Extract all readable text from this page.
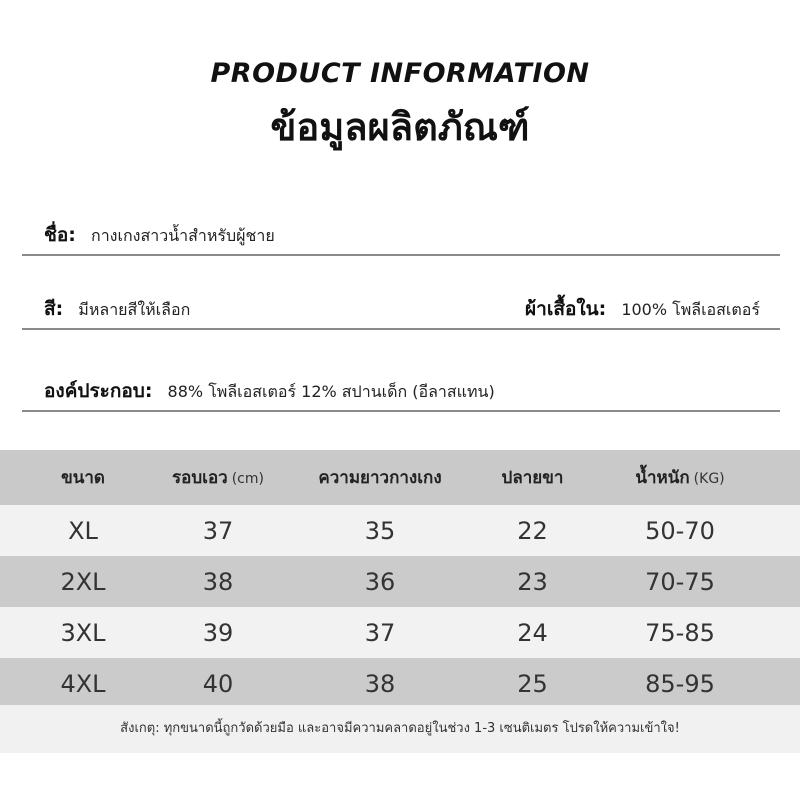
PRODUCT INFORMATION
ข้อมูลผลิตภัณฑ์
ชื่อ: กางเกงสาวน้ำสำหรับผู้ชาย
สี: มีหลายสีให้เลือก	ผ้าเสื้อใน: 100% โพลีเอสเตอร์
องค์ประกอบ: 88% โพลีเอสเตอร์ 12% สปานเด็ก (อีลาสแทน)
ขนาด	รอบเอว (cm)	ความยาวกางเกง	ปลายขา	น้ำหนัก (KG)
XL	37	35	22	50-70
2XL	38	36	23	70-75
3XL	39	37	24	75-85
4XL	40	38	25	85-95
สังเกตุ: ทุกขนาดนี้ถูกวัดด้วยมือ และอาจมีความคลาดอยู่ในช่วง 1-3 เซนติเมตร โปรดให้ความเข้าใจ!
